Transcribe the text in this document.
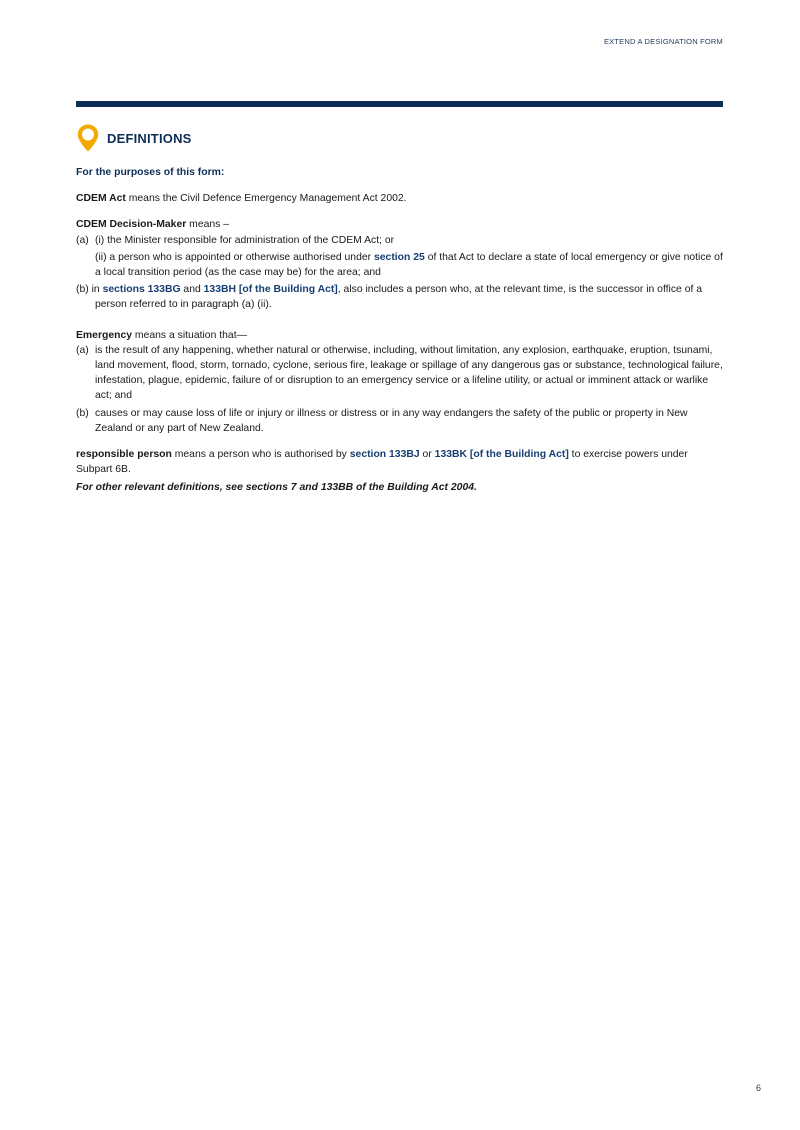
EXTEND A DESIGNATION FORM
DEFINITIONS

For the purposes of this form:

CDEM Act means the Civil Defence Emergency Management Act 2002.

CDEM Decision-Maker means –

(a) (i) the Minister responsible for administration of the CDEM Act; or

(ii) a person who is appointed or otherwise authorised under section 25 of that Act to declare a state of local emergency or give notice of a local transition period (as the case may be) for the area; and

(b) in sections 133BG and 133BH [of the Building Act], also includes a person who, at the relevant time, is the successor in office of a person referred to in paragraph (a) (ii).

Emergency means a situation that—

(a) is the result of any happening, whether natural or otherwise, including, without limitation, any explosion, earthquake, eruption, tsunami, land movement, flood, storm, tornado, cyclone, serious fire, leakage or spillage of any dangerous gas or substance, technological failure, infestation, plague, epidemic, failure of or disruption to an emergency service or a lifeline utility, or actual or imminent attack or warlike act; and
(b) causes or may cause loss of life or injury or illness or distress or in any way endangers the safety of the public or property in New Zealand or any part of New Zealand.

responsible person means a person who is authorised by section 133BJ or 133BK [of the Building Act] to exercise powers under Subpart 6B.

For other relevant definitions, see sections 7 and 133BB of the Building Act 2004.

6
